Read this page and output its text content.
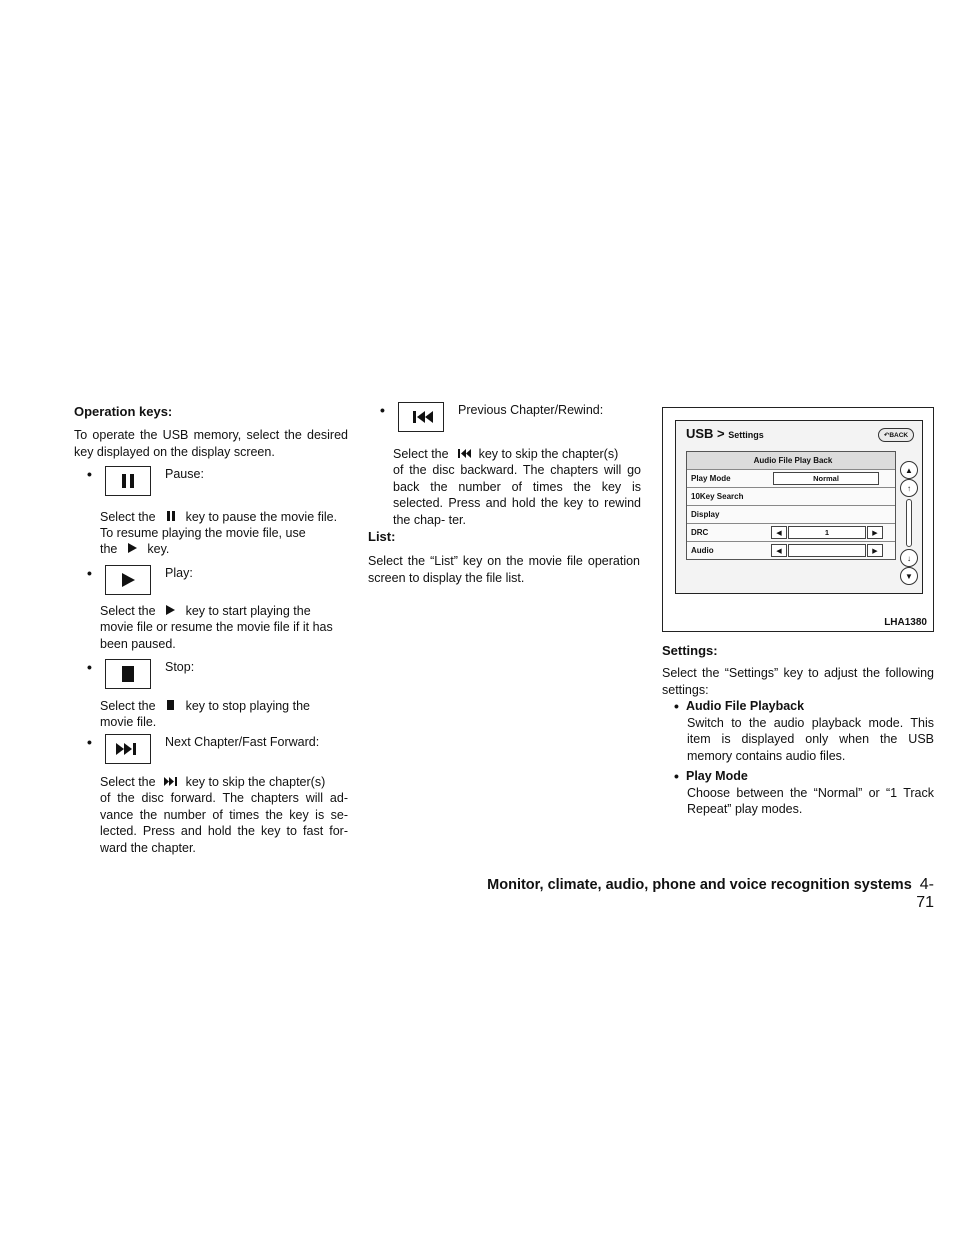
Operation keys:

To operate the USB memory, select the desired key displayed on the display screen.

•	Pause:

Select the key to pause the movie file.

To resume playing the movie file, use

the key.

•	Play:

Select the key to start playing the

movie file or resume the movie file if it has been paused.

•	Stop:

Select the key to stop playing the

movie file.

•	Next Chapter/Fast Forward:

Select the key to skip the chapter(s)

of the disc forward. The chapters will ad- vance the number of times the key is se- lected. Press and hold the key to fast for- ward the chapter.

•	Previous Chapter/Rewind:

Select the key to skip the chapter(s)

of the disc backward. The chapters will go back the number of times the key is selected. Press and hold the key to rewind the chap- ter.

List:

Select the “List” key on the movie file operation screen to display the file list.

USB > Settings	↶ BACK
Audio File Play Back
Play Mode	Normal
10Key Search
Display
DRC	◀	1	▶
Audio	◀	▶
▲
↑
↓
▼
LHA1380
Settings:

Select the “Settings” key to adjust the following settings:

• Audio File Playback

Switch to the audio playback mode. This item is displayed only when the USB memory contains audio files.

• Play Mode

Choose between the “Normal” or “1 Track Repeat” play modes.

Monitor, climate, audio, phone and voice recognition systems 4-71
